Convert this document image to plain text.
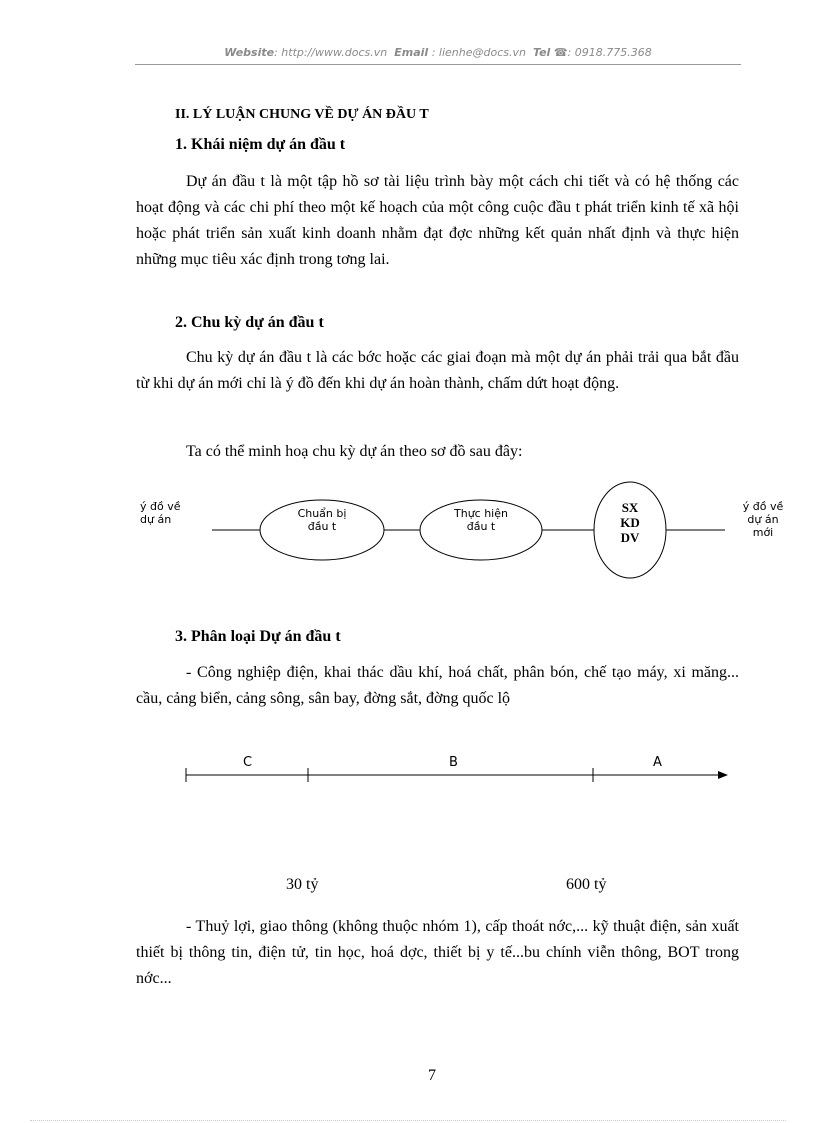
Website: http://www.docs.vn Email : lienhe@docs.vn Tel ☎: 0918.775.368
II. LÝ LUẬN CHUNG VỀ DỰ ÁN ĐẦU T
1. Khái niệm dự án đầu t
Dự án đầu t là một tập hồ sơ tài liệu trình bày một cách chi tiết và có hệ thống các hoạt động và các chi phí theo một kế hoạch của một công cuộc đầu t phát triển kinh tế xã hội hoặc phát triển sản xuất kinh doanh nhằm đạt đợc những kết quản nhất định và thực hiện những mục tiêu xác định trong tơng lai.
2. Chu kỳ dự án đầu t
Chu kỳ dự án đầu t là các bớc hoặc các giai đoạn mà một dự án phải trải qua bắt đầu từ khi dự án mới chỉ là ý đồ đến khi dự án hoàn thành, chấm dứt hoạt động.
Ta có thể minh hoạ chu kỳ dự án theo sơ đồ sau đây:
ý đồ về
dự án	Chuẩn bị
đầu t
Thực hiện
đầu t
SX
KD
DV
ý đồ về
dự án
mới
3. Phân loại Dự án đầu t
- Công nghiệp điện, khai thác dầu khí, hoá chất, phân bón, chế tạo máy, xi măng... cầu, cảng biển, cảng sông, sân bay, đờng sắt, đờng quốc lộ
C	B	A
30 tỷ	600 tỷ
- Thuỷ lợi, giao thông (không thuộc nhóm 1), cấp thoát nớc,... kỹ thuật điện, sản xuất thiết bị thông tin, điện tử, tin học, hoá dợc, thiết bị y tế...bu chính viễn thông, BOT trong nớc...
7
